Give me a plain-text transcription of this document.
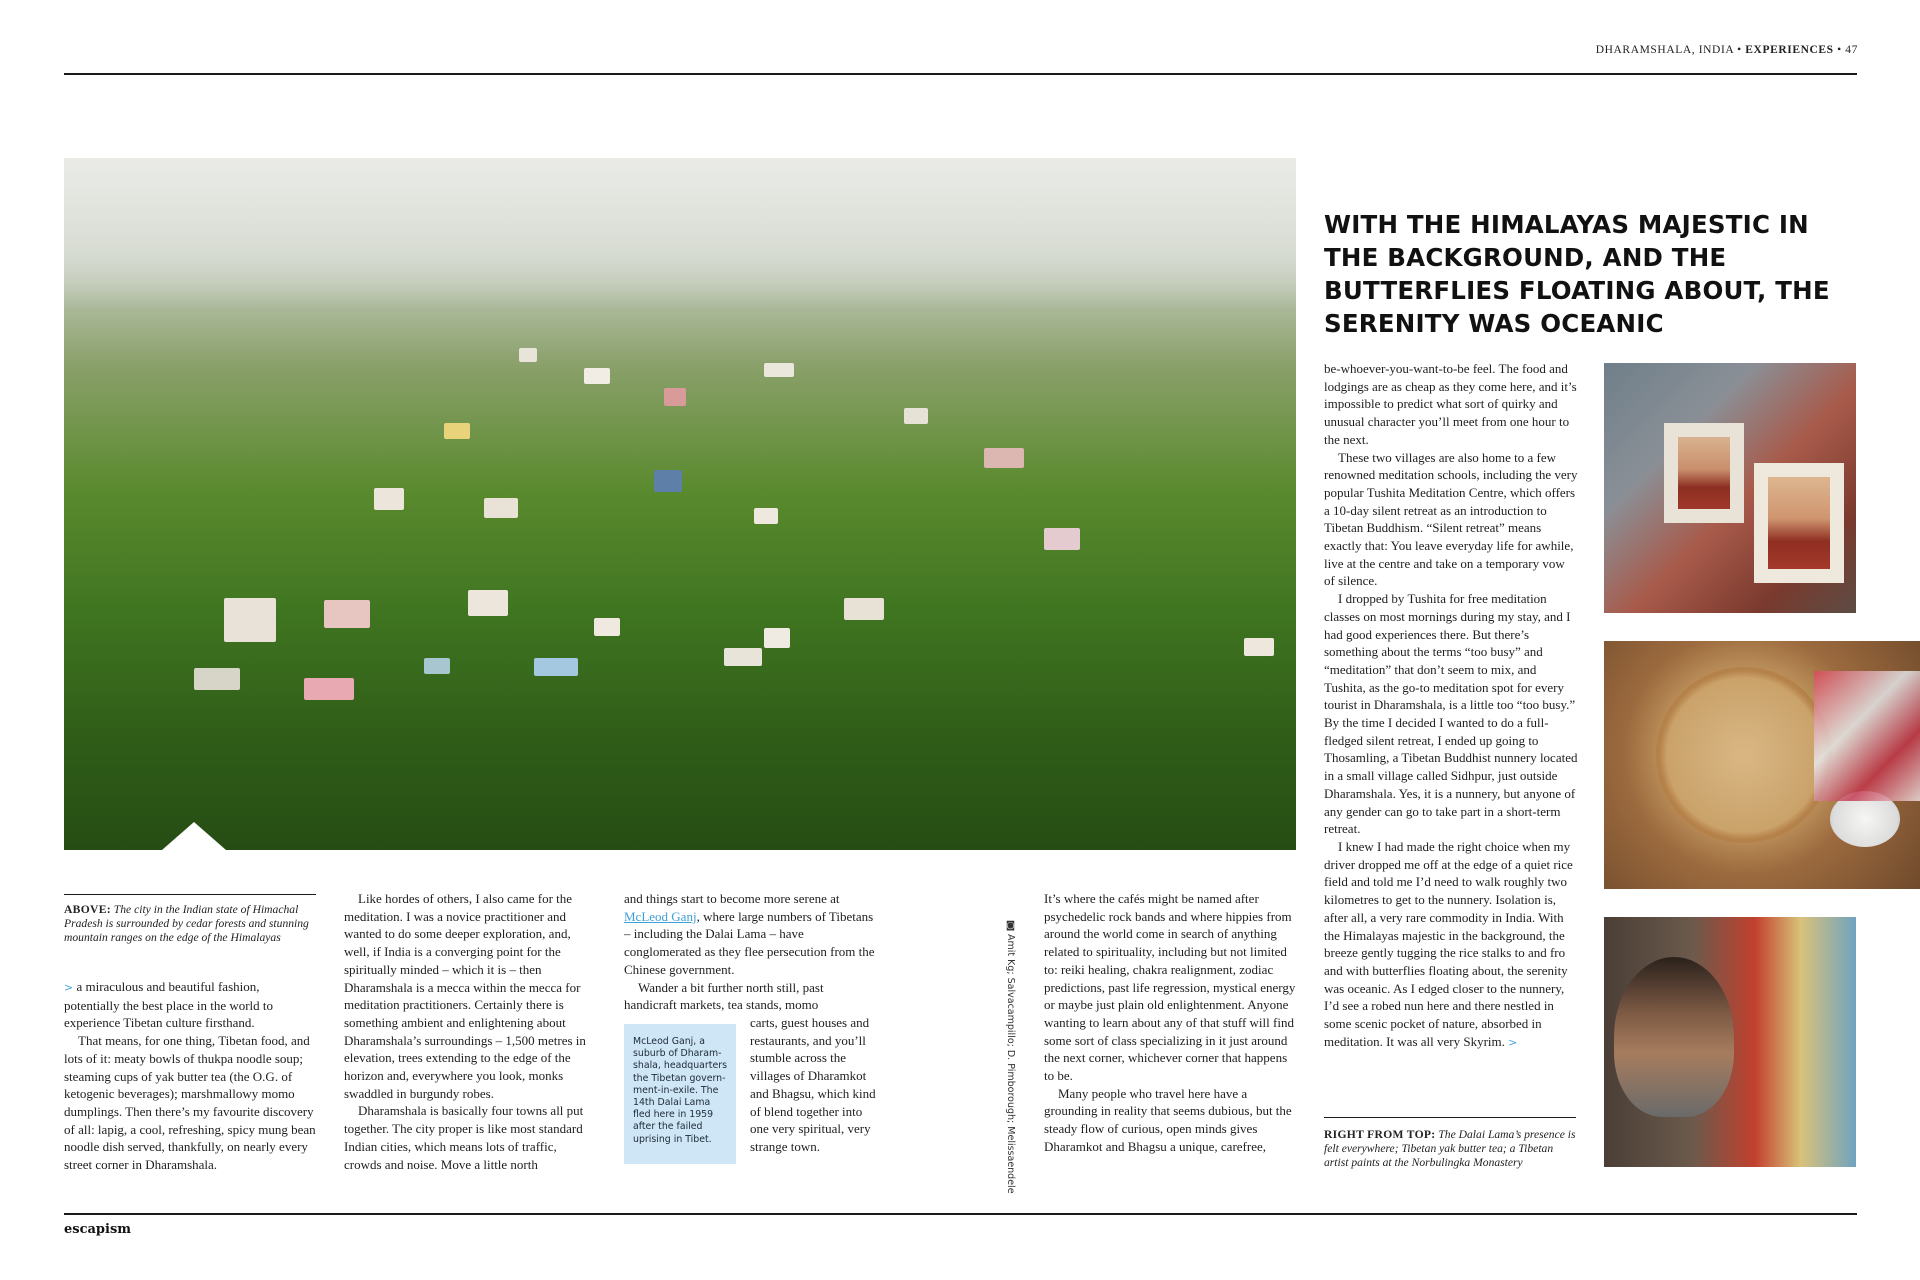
DHARAMSHALA, INDIA • EXPERIENCES • 47
WITH THE HIMALAYAS MAJESTIC IN THE BACKGROUND, AND THE BUTTERFLIES FLOATING ABOUT, THE SERENITY WAS OCEANIC
ABOVE: The city in the Indian state of Himachal Pradesh is surrounded by cedar forests and stunning mountain ranges on the edge of the Himalayas

> a miraculous and beautiful fashion, potentially the best place in the world to experience Tibetan culture firsthand.

That means, for one thing, Tibetan food, and lots of it: meaty bowls of thukpa noodle soup; steaming cups of yak butter tea (the O.G. of ketogenic beverages); marshmallowy momo dumplings. Then there’s my favourite discovery of all: lapig, a cool, refreshing, spicy mung bean noodle dish served, thankfully, on nearly every street corner in Dharamshala.

Like hordes of others, I also came for the meditation. I was a novice practitioner and wanted to do some deeper exploration, and, well, if India is a converging point for the spiritually minded – which it is – then Dharamshala is a mecca within the mecca for meditation practitioners. Certainly there is something ambient and enlightening about Dharamshala’s surroundings – 1,500 metres in elevation, trees extending to the edge of the horizon and, everywhere you look, monks swaddled in burgundy robes.

Dharamshala is basically four towns all put together. The city proper is like most standard Indian cities, which means lots of traffic, crowds and noise. Move a little north

and things start to become more serene at McLeod Ganj, where large numbers of Tibetans – including the Dalai Lama – have conglomerated as they flee persecution from the Chinese government.

Wander a bit further north still, past handicraft markets, tea stands, momo

McLeod Ganj, a suburb of Dharam-shala, headquarters the Tibetan govern-ment-in-exile. The 14th Dalai Lama fled here in 1959 after the failed uprising in Tibet.

carts, guest houses and restaurants, and you’ll stumble across the villages of Dharamkot and Bhagsu, which kind of blend together into one very spiritual, very strange town.

◙ Amit Kg; Salvacampillo; D. Pimborough; Melissaendele

It’s where the cafés might be named after psychedelic rock bands and where hippies from around the world come in search of anything related to spirituality, including but not limited to: reiki healing, chakra realignment, zodiac predictions, past life regression, mystical energy or maybe just plain old enlightenment. Anyone wanting to learn about any of that stuff will find some sort of class specializing in it just around the next corner, whichever corner that happens to be.

Many people who travel here have a grounding in reality that seems dubious, but the steady flow of curious, open minds gives Dharamkot and Bhagsu a unique, carefree,

be-whoever-you-want-to-be feel. The food and lodgings are as cheap as they come here, and it’s impossible to predict what sort of quirky and unusual character you’ll meet from one hour to the next.

These two villages are also home to a few renowned meditation schools, including the very popular Tushita Meditation Centre, which offers a 10-day silent retreat as an introduction to Tibetan Buddhism. “Silent retreat” means exactly that: You leave everyday life for awhile, live at the centre and take on a temporary vow of silence.

I dropped by Tushita for free meditation classes on most mornings during my stay, and I had good experiences there. But there’s something about the terms “too busy” and “meditation” that don’t seem to mix, and Tushita, as the go-to meditation spot for every tourist in Dharamshala, is a little too “too busy.” By the time I decided I wanted to do a full-fledged silent retreat, I ended up going to Thosamling, a Tibetan Buddhist nunnery located in a small village called Sidhpur, just outside Dharamshala. Yes, it is a nunnery, but anyone of any gender can go to take part in a short-term retreat.

I knew I had made the right choice when my driver dropped me off at the edge of a quiet rice field and told me I’d need to walk roughly two kilometres to get to the nunnery. Isolation is, after all, a very rare commodity in India. With the Himalayas majestic in the background, the breeze gently tugging the rice stalks to and fro and with butterflies floating about, the serenity was oceanic. As I edged closer to the nunnery, I’d see a robed nun here and there nestled in some scenic pocket of nature, absorbed in meditation. It was all very Skyrim. >

RIGHT FROM TOP: The Dalai Lama’s presence is felt everywhere; Tibetan yak butter tea; a Tibetan artist paints at the Norbulingka Monastery
escapism
